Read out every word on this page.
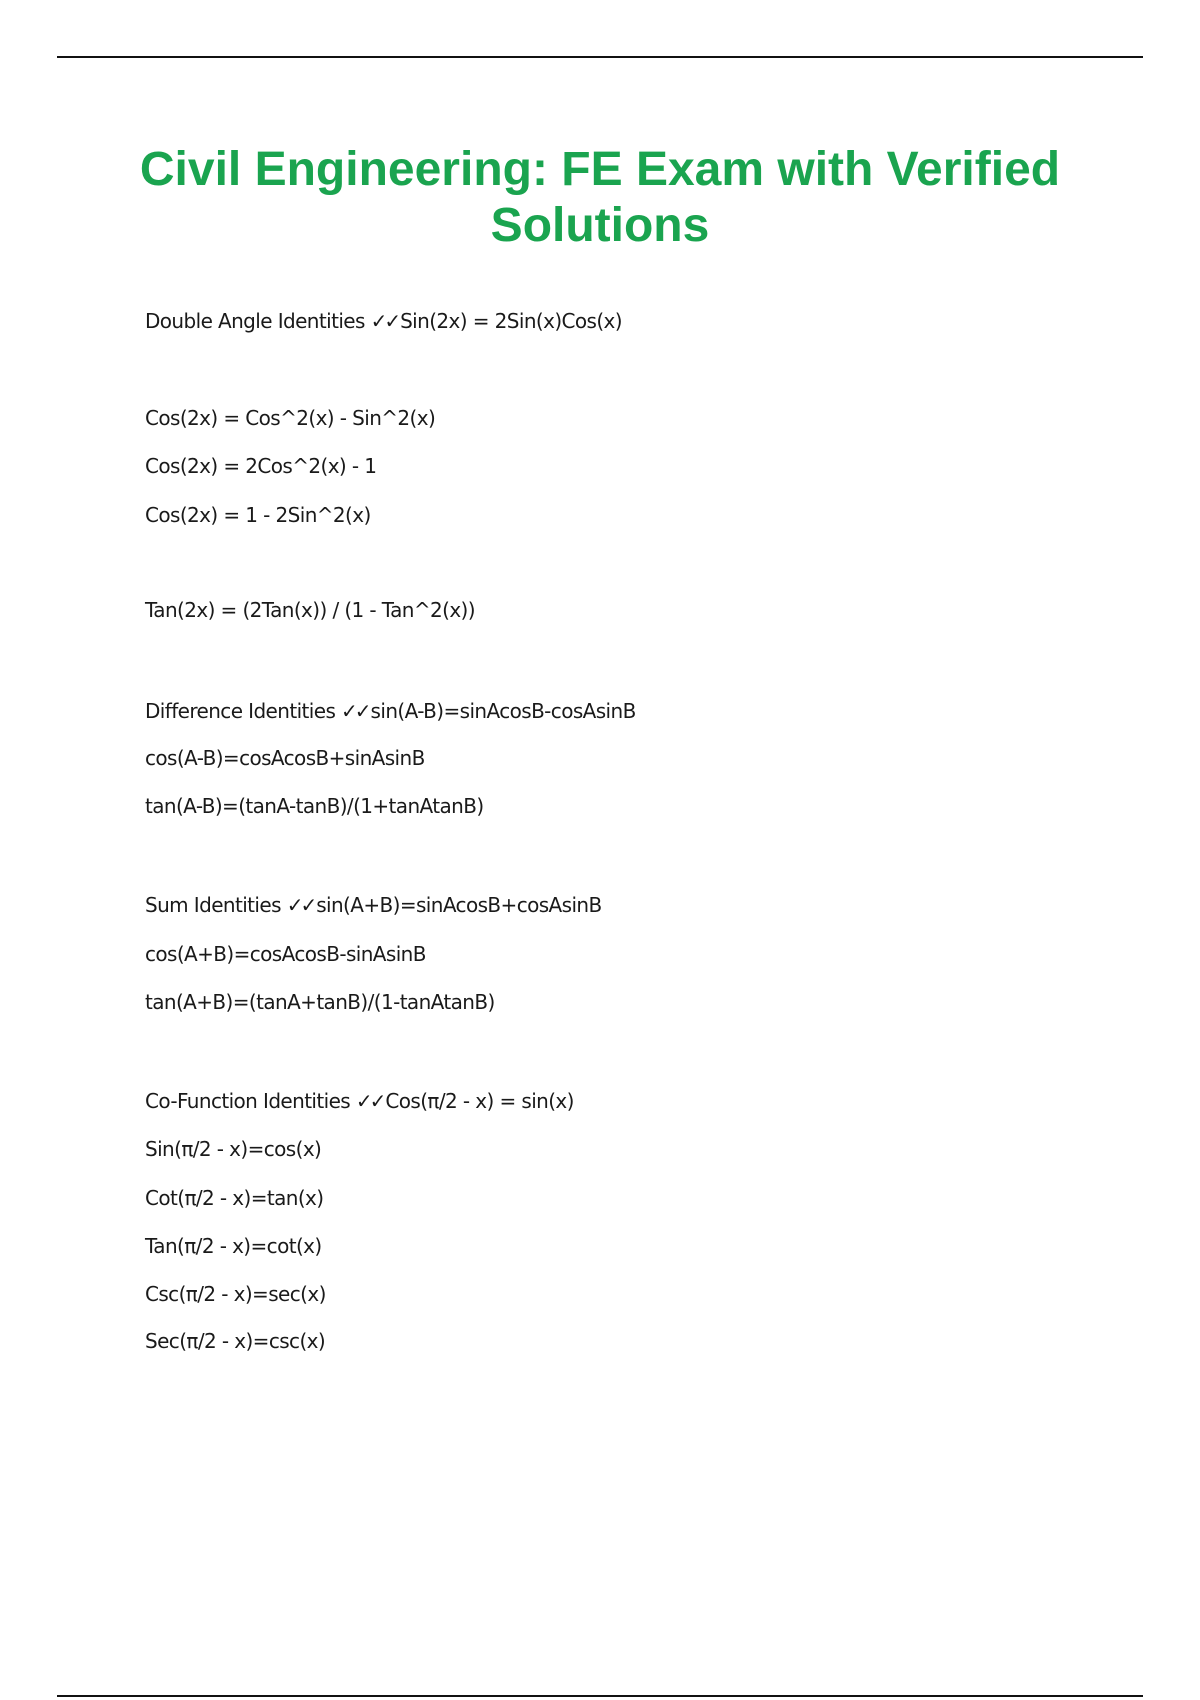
Civil Engineering: FE Exam with Verified Solutions
Double Angle Identities ✓✓ Sin(2x) = 2Sin(x)Cos(x)
Cos(2x) = Cos^2(x) - Sin^2(x)
Cos(2x) = 2Cos^2(x) - 1
Cos(2x) = 1 - 2Sin^2(x)
Tan(2x) = (2Tan(x)) / (1 - Tan^2(x))
Difference Identities ✓✓ sin(A-B)=sinAcosB-cosAsinB
cos(A-B)=cosAcosB+sinAsinB
tan(A-B)=(tanA-tanB)/(1+tanAtanB)
Sum Identities ✓✓ sin(A+B)=sinAcosB+cosAsinB
cos(A+B)=cosAcosB-sinAsinB
tan(A+B)=(tanA+tanB)/(1-tanAtanB)
Co-Function Identities ✓✓ Cos(π/2 - x) = sin(x)
Sin(π/2 - x)=cos(x)
Cot(π/2 - x)=tan(x)
Tan(π/2 - x)=cot(x)
Csc(π/2 - x)=sec(x)
Sec(π/2 - x)=csc(x)
